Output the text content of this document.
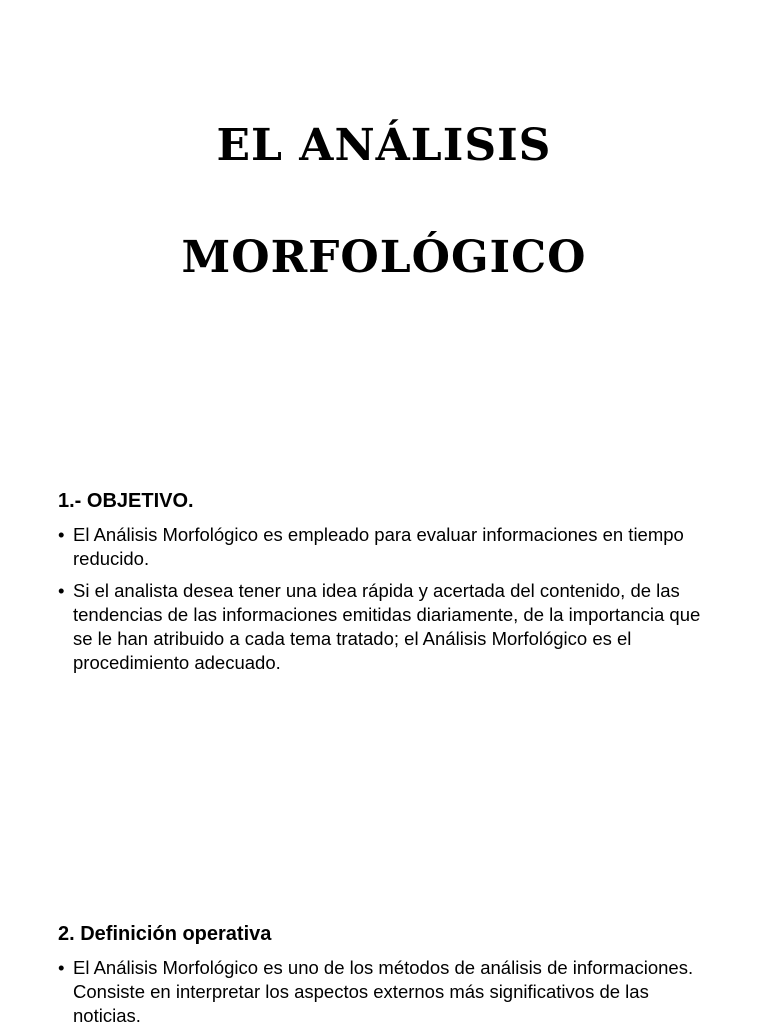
EL ANÁLISIS
MORFOLÓGICO
1.- OBJETIVO.
• El Análisis Morfológico es empleado para evaluar informaciones en tiempo reducido.
• Si el analista desea tener una idea rápida y acertada del contenido, de las tendencias de las informaciones emitidas diariamente, de la importancia que se le han atribuido a cada tema tratado; el Análisis Morfológico es el procedimiento adecuado.
2. Definición operativa
• El Análisis Morfológico es uno de los métodos de análisis de informaciones. Consiste en interpretar los aspectos externos más significativos de las noticias.
